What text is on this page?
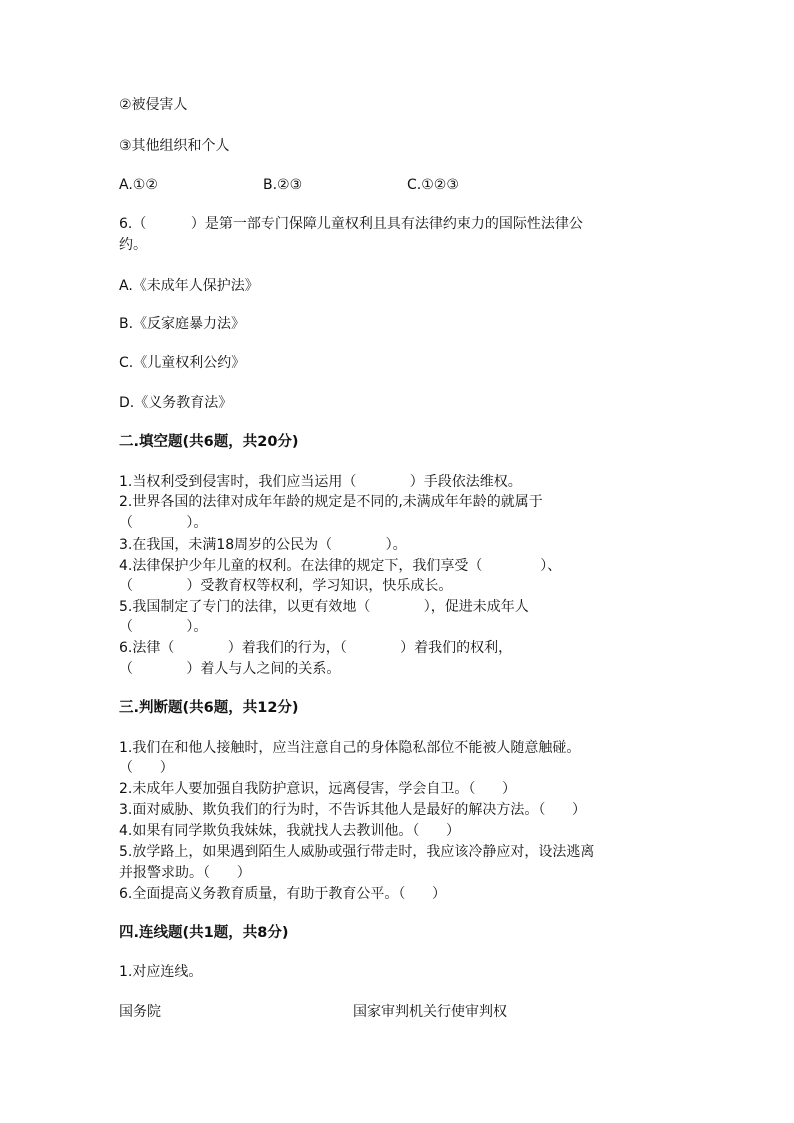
②被侵害人
③其他组织和个人
A.①②	B.②③	C.①②③
6.（          ）是第一部专门保障儿童权利且具有法律约束力的国际性法律公
约。
A.《未成年人保护法》
B.《反家庭暴力法》
C.《儿童权利公约》
D.《义务教育法》
二.填空题(共6题，共20分)
1.当权利受到侵害时，我们应当运用（            ）手段依法维权。
2.世界各国的法律对成年年龄的规定是不同的,未满成年年龄的就属于
（            ）。
3.在我国，未满18周岁的公民为（            ）。
4.法律保护少年儿童的权利。在法律的规定下，我们享受（             ）、
（            ）受教育权等权利，学习知识，快乐成长。
5.我国制定了专门的法律，以更有效地（            ），促进未成年人
（            ）。
6.法律（            ）着我们的行为，（            ）着我们的权利，
（            ）着人与人之间的关系。
三.判断题(共6题，共12分)
1.我们在和他人接触时，应当注意自己的身体隐私部位不能被人随意触碰。
（      ）
2.未成年人要加强自我防护意识，远离侵害，学会自卫。（      ）
3.面对威胁、欺负我们的行为时，不告诉其他人是最好的解决方法。（      ）
4.如果有同学欺负我妹妹，我就找人去教训他。（      ）
5.放学路上，如果遇到陌生人威胁或强行带走时，我应该冷静应对，设法逃离
并报警求助。（      ）
6.全面提高义务教育质量，有助于教育公平。（      ）
四.连线题(共1题，共8分)
1.对应连线。
国务院	国家审判机关行使审判权
